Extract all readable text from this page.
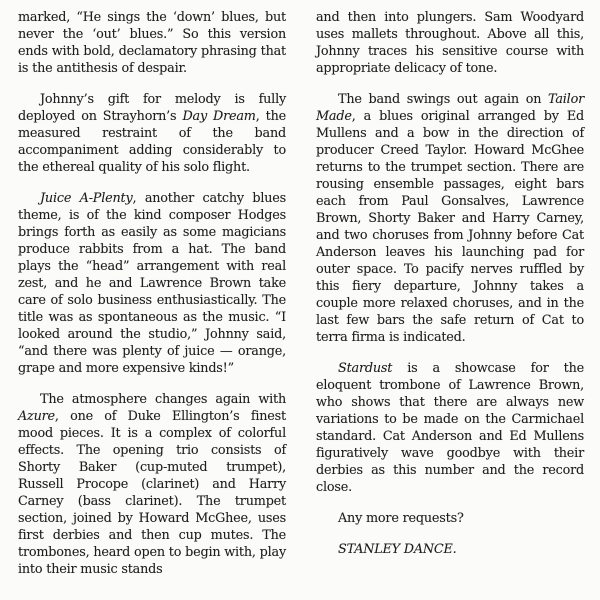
marked, “He sings the ‘down’ blues, but never the ‘out’ blues.” So this version ends with bold, declamatory phrasing that is the antithesis of despair.

Johnny’s gift for melody is fully deployed on Strayhorn’s Day Dream, the measured restraint of the band accompaniment adding considerably to the ethereal quality of his solo flight.

Juice A-Plenty, another catchy blues theme, is of the kind composer Hodges brings forth as easily as some magicians produce rabbits from a hat. The band plays the “head” arrangement with real zest, and he and Lawrence Brown take care of solo business enthusiastically. The title was as spontaneous as the music. “I looked around the studio,” Johnny said, “and there was plenty of juice — orange, grape and more expensive kinds!”

The atmosphere changes again with Azure, one of Duke Ellington’s finest mood pieces. It is a complex of colorful effects. The opening trio consists of Shorty Baker (cup-muted trumpet), Russell Procope (clarinet) and Harry Carney (bass clarinet). The trumpet section, joined by Howard McGhee, uses first derbies and then cup mutes. The trombones, heard open to begin with, play into their music stands

and then into plungers. Sam Woodyard uses mallets throughout. Above all this, Johnny traces his sensitive course with appropriate delicacy of tone.

The band swings out again on Tailor Made, a blues original arranged by Ed Mullens and a bow in the direction of producer Creed Taylor. Howard McGhee returns to the trumpet section. There are rousing ensemble passages, eight bars each from Paul Gonsalves, Lawrence Brown, Shorty Baker and Harry Carney, and two choruses from Johnny before Cat Anderson leaves his launching pad for outer space. To pacify nerves ruffled by this fiery departure, Johnny takes a couple more relaxed choruses, and in the last few bars the safe return of Cat to terra firma is indicated.

Stardust is a showcase for the eloquent trombone of Lawrence Brown, who shows that there are always new variations to be made on the Carmichael standard. Cat Anderson and Ed Mullens figuratively wave goodbye with their derbies as this number and the record close.

Any more requests?

STANLEY DANCE.
